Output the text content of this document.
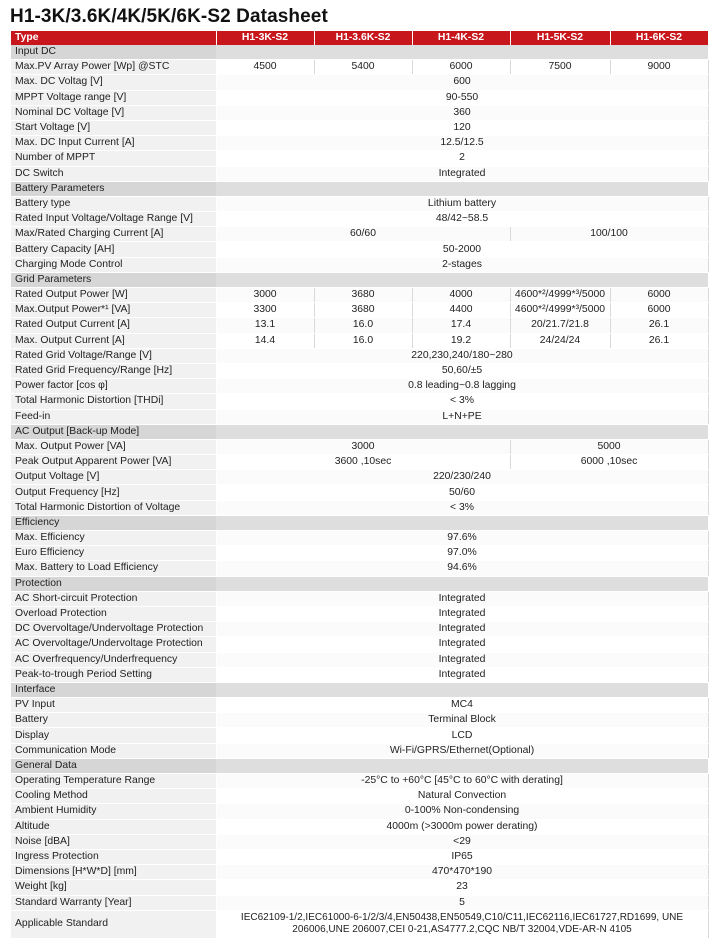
H1-3K/3.6K/4K/5K/6K-S2 Datasheet
Type	H1-3K-S2	H1-3.6K-S2	H1-4K-S2	H1-5K-S2	H1-6K-S2
Input DC					
Max.PV Array Power [Wp] @STC	4500	5400	6000	7500	9000
Max. DC Voltag [V]	600				
MPPT Voltage range [V]	90-550				
Nominal DC Voltage [V]	360				
Start Voltage [V]	120				
Max. DC Input Current [A]	12.5/12.5				
Number of MPPT	2				
DC Switch	Integrated				
Battery Parameters					
Battery type	Lithium battery				
Rated Input Voltage/Voltage Range [V]	48/42~58.5				
Max/Rated Charging Current [A]	60/60			100/100	
Battery Capacity [AH]	50-2000				
Charging Mode Control	2-stages				
Grid Parameters					
Rated Output Power [W]	3000	3680	4000	4600*²/4999*³/5000	6000
Max.Output Power*¹ [VA]	3300	3680	4400	4600*²/4999*³/5000	6000
Rated Output Current [A]	13.1	16.0	17.4	20/21.7/21.8	26.1
Max. Output Current [A]	14.4	16.0	19.2	24/24/24	26.1
Rated Grid Voltage/Range [V]	220,230,240/180~280				
Rated Grid Frequency/Range [Hz]	50,60/±5				
Power factor [cos φ]	0.8 leading~0.8 lagging				
Total Harmonic Distortion [THDi]	< 3%				
Feed-in	L+N+PE				
AC Output [Back-up Mode]					
Max. Output Power [VA]	3000			5000	
Peak Output Apparent Power [VA]	3600 ,10sec			6000 ,10sec	
Output Voltage [V]	220/230/240				
Output Frequency [Hz]	50/60				
Total Harmonic Distortion of Voltage	< 3%				
Efficiency					
Max. Efficiency	97.6%				
Euro Efficiency	97.0%				
Max. Battery to Load Efficiency	94.6%				
Protection					
AC Short-circuit Protection	Integrated				
Overload Protection	Integrated				
DC Overvoltage/Undervoltage Protection	Integrated				
AC Overvoltage/Undervoltage Protection	Integrated				
AC Overfrequency/Underfrequency	Integrated				
Peak-to-trough Period Setting	Integrated				
Interface					
PV Input	MC4				
Battery	Terminal Block				
Display	LCD				
Communication Mode	Wi-Fi/GPRS/Ethernet(Optional)				
General Data					
Operating Temperature Range	-25°C to +60°C [45°C to 60°C with derating]				
Cooling Method	Natural Convection				
Ambient Humidity	0-100% Non-condensing				
Altitude	4000m (>3000m power derating)				
Noise [dBA]	<29				
Ingress Protection	IP65				
Dimensions [H*W*D] [mm]	470*470*190				
Weight [kg]	23				
Standard Warranty [Year]	5				
Applicable Standard	IEC62109-1/2,IEC61000-6-1/2/3/4,EN50438,EN50549,C10/C11,IEC62116,IEC61727,RD1699, UNE 206006,UNE 206007,CEI 0-21,AS4777.2,CQC NB/T 32004,VDE-AR-N 4105				
